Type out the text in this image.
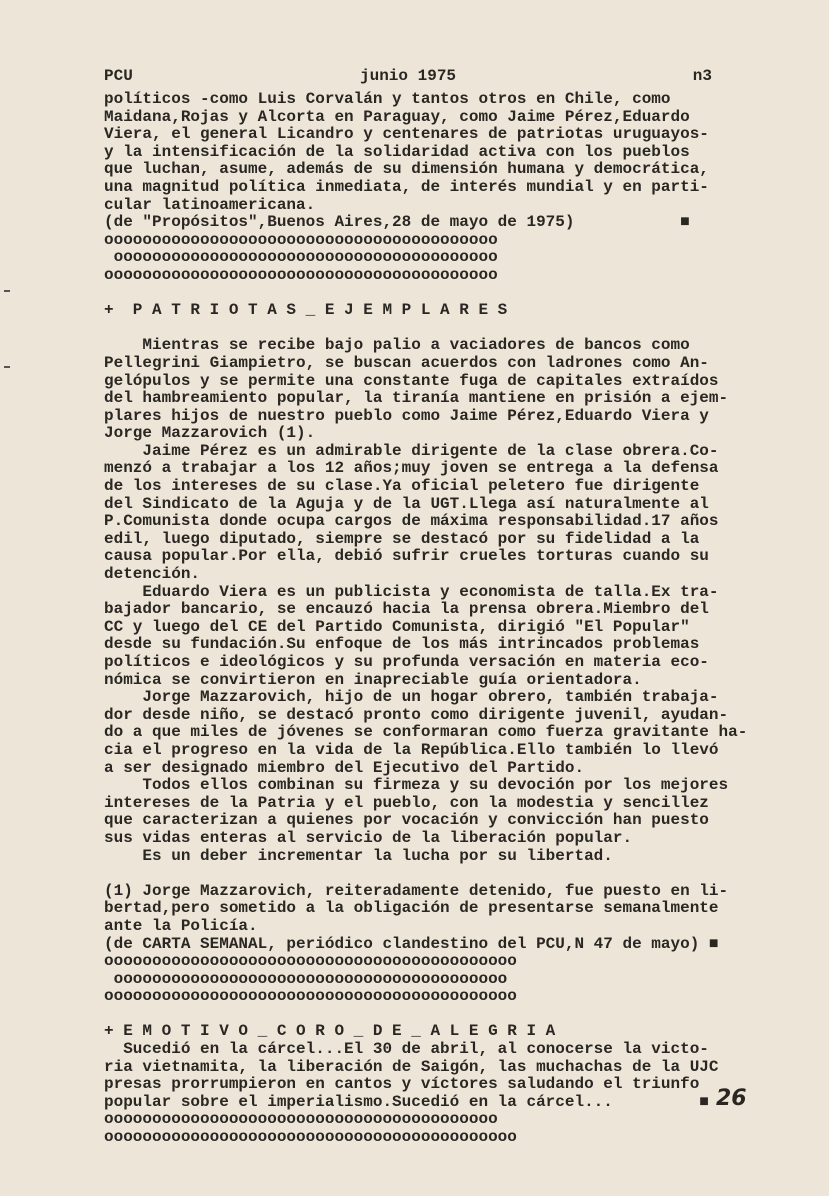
PCU	junio 1975	n3
políticos -como Luis Corvalán y tantos otros en Chile, como
Maidana,Rojas y Alcorta en Paraguay, como Jaime Pérez,Eduardo
Viera, el general Licandro y centenares de patriotas uruguayos-
y la intensificación de la solidaridad activa con los pueblos
que luchan, asume, además de su dimensión humana y democrática,
una magnitud política inmediata, de interés mundial y en parti-
cular latinoamericana.
(de "Propósitos",Buenos Aires,28 de mayo de 1975)           ■
ooooooooooooooooooooooooooooooooooooooooo
oooooooooooooooooooooooooooooooooooooooo
ooooooooooooooooooooooooooooooooooooooooo
+  P A T R I O T A S _ E J E M P L A R E S
Mientras se recibe bajo palio a vaciadores de bancos como
Pellegrini Giampietro, se buscan acuerdos con ladrones como An-
gelópulos y se permite una constante fuga de capitales extraídos
del hambreamiento popular, la tiranía mantiene en prisión a ejem-
plares hijos de nuestro pueblo como Jaime Pérez,Eduardo Viera y
Jorge Mazzarovich (1).
Jaime Pérez es un admirable dirigente de la clase obrera.Co-
menzó a trabajar a los 12 años;muy joven se entrega a la defensa
de los intereses de su clase.Ya oficial peletero fue dirigente
del Sindicato de la Aguja y de la UGT.Llega así naturalmente al
P.Comunista donde ocupa cargos de máxima responsabilidad.17 años
edil, luego diputado, siempre se destacó por su fidelidad a la
causa popular.Por ella, debió sufrir crueles torturas cuando su
detención.
Eduardo Viera es un publicista y economista de talla.Ex tra-
bajador bancario, se encauzó hacia la prensa obrera.Miembro del
CC y luego del CE del Partido Comunista, dirigió "El Popular"
desde su fundación.Su enfoque de los más intrincados problemas
políticos e ideológicos y su profunda versación en materia eco-
nómica se convirtieron en inapreciable guía orientadora.
Jorge Mazzarovich, hijo de un hogar obrero, también trabaja-
dor desde niño, se destacó pronto como dirigente juvenil, ayudan-
do a que miles de jóvenes se conformaran como fuerza gravitante ha-
cia el progreso en la vida de la República.Ello también lo llevó
a ser designado miembro del Ejecutivo del Partido.
Todos ellos combinan su firmeza y su devoción por los mejores
intereses de la Patria y el pueblo, con la modestia y sencillez
que caracterizan a quienes por vocación y convicción han puesto
sus vidas enteras al servicio de la liberación popular.
Es un deber incrementar la lucha por su libertad.
(1) Jorge Mazzarovich, reiteradamente detenido, fue puesto en li-
bertad,pero sometido a la obligación de presentarse semanalmente
ante la Policía.
(de CARTA SEMANAL, periódico clandestino del PCU,N 47 de mayo) ■
ooooooooooooooooooooooooooooooooooooooooooo
ooooooooooooooooooooooooooooooooooooooooo
ooooooooooooooooooooooooooooooooooooooooooo
+ E M O T I V O _ C O R O _ D E _ A L E G R I A
Sucedió en la cárcel...El 30 de abril, al conocerse la victo-
ria vietnamita, la liberación de Saigón, las muchachas de la UJC
presas prorrumpieron en cantos y víctores saludando el triunfo
popular sobre el imperialismo.Sucedió en la cárcel...         ■
ooooooooooooooooooooooooooooooooooooooooo
ooooooooooooooooooooooooooooooooooooooooooo
26
